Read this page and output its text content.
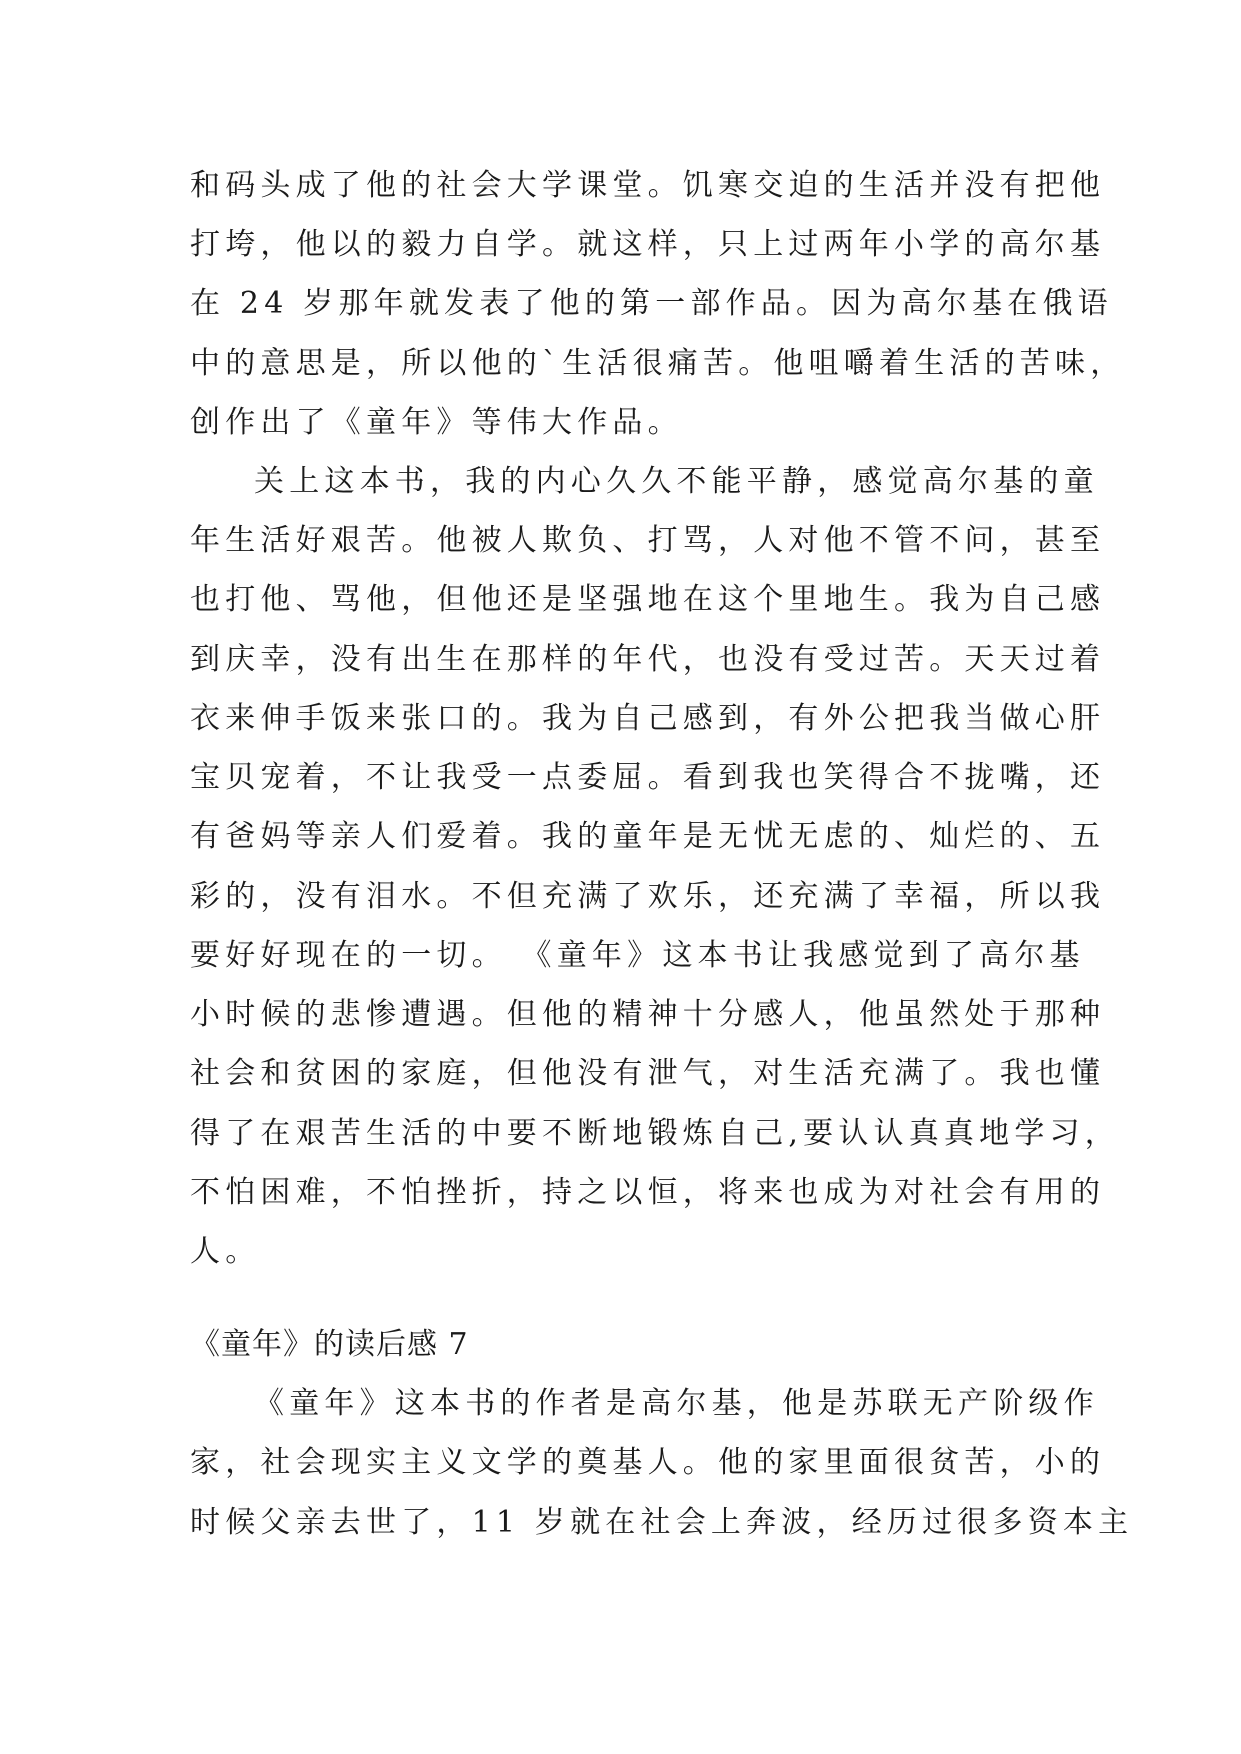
和码头成了他的社会大学课堂。饥寒交迫的生活并没有把他
打垮，他以的毅力自学。就这样，只上过两年小学的高尔基
在 24 岁那年就发表了他的第一部作品。因为高尔基在俄语
中的意思是，所以他的`生活很痛苦。他咀嚼着生活的苦味，
创作出了《童年》等伟大作品。
关上这本书，我的内心久久不能平静，感觉高尔基的童
年生活好艰苦。他被人欺负、打骂，人对他不管不问，甚至
也打他、骂他，但他还是坚强地在这个里地生。我为自己感
到庆幸，没有出生在那样的年代，也没有受过苦。天天过着
衣来伸手饭来张口的。我为自己感到，有外公把我当做心肝
宝贝宠着，不让我受一点委屈。看到我也笑得合不拢嘴，还
有爸妈等亲人们爱着。我的童年是无忧无虑的、灿烂的、五
彩的，没有泪水。不但充满了欢乐，还充满了幸福，所以我
要好好现在的一切。 《童年》这本书让我感觉到了高尔基
小时候的悲惨遭遇。但他的精神十分感人，他虽然处于那种
社会和贫困的家庭，但他没有泄气，对生活充满了。我也懂
得了在艰苦生活的中要不断地锻炼自己,要认认真真地学习，
不怕困难，不怕挫折，持之以恒，将来也成为对社会有用的
人。
《童年》的读后感 7
《童年》这本书的作者是高尔基，他是苏联无产阶级作
家，社会现实主义文学的奠基人。他的家里面很贫苦，小的
时候父亲去世了，11 岁就在社会上奔波，经历过很多资本主
